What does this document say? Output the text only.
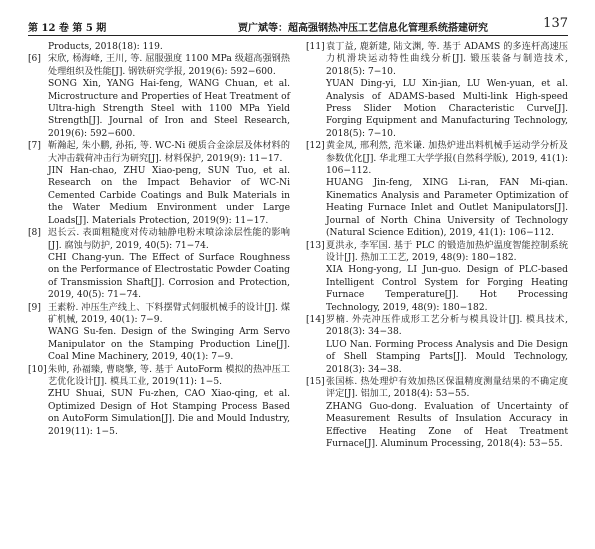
第 12 卷 第 5 期	贾广斌等：超高强钢热冲压工艺信息化管理系统搭建研究	137

Products, 2018(18): 119.

[6] 宋欣, 杨海峰, 王川, 等. 屈服强度 1100 MPa 级超高强钢热处理组织及性能[J]. 钢铁研究学报, 2019(6): 592−600.

SONG Xin, YANG Hai-feng, WANG Chuan, et al. Microstructure and Properties of Heat Treatment of Ultra-high Strength Steel with 1100 MPa Yield Strength[J]. Journal of Iron and Steel Research, 2019(6): 592−600.

[7] 靳瀚起, 朱小鹏, 孙拓, 等. WC-Ni 硬质合金涂层及体材料的大冲击载荷冲击行为研究[J]. 材料保护, 2019(9): 11−17.

JIN Han-chao, ZHU Xiao-peng, SUN Tuo, et al. Research on the Impact Behavior of WC-Ni Cemented Carbide Coatings and Bulk Materials in the Water Medium Environment under Large Loads[J]. Materials Protection, 2019(9): 11−17.

[8] 迟长云. 表面粗糙度对传动轴静电粉末喷涂涂层性能的影响[J]. 腐蚀与防护, 2019, 40(5): 71−74.

CHI Chang-yun. The Effect of Surface Roughness on the Performance of Electrostatic Powder Coating of Transmission Shaft[J]. Corrosion and Protection, 2019, 40(5): 71−74.

[9] 王素粉. 冲压生产线上、下料摆臂式伺服机械手的设计[J]. 煤矿机械, 2019, 40(1): 7−9.

WANG Su-fen. Design of the Swinging Arm Servo Manipulator on the Stamping Production Line[J]. Coal Mine Machinery, 2019, 40(1): 7−9.

[10] 朱帅, 孙福臻, 曹晓擎, 等. 基于 AutoForm 模拟的热冲压工艺优化设计[J]. 模具工业, 2019(11): 1−5.

ZHU Shuai, SUN Fu-zhen, CAO Xiao-qing, et al. Optimized Design of Hot Stamping Process Based on AutoForm Simulation[J]. Die and Mould Industry, 2019(11): 1−5.

[11] 袁丁益, 鹿新建, 陆文渊, 等. 基于 ADAMS 的多连杆高速压力机滑块运动特性曲线分析[J]. 锻压装备与制造技术, 2018(5): 7−10.

YUAN Ding-yi, LU Xin-jian, LU Wen-yuan, et al. Analysis of ADAMS-based Multi-link High-speed Press Slider Motion Characteristic Curve[J]. Forging Equipment and Manufacturing Technology, 2018(5): 7−10.

[12] 黄金凤, 邢利然, 范米谦. 加热炉进出料机械手运动学分析及参数优化[J]. 华北理工大学学报(自然科学版), 2019, 41(1): 106−112.

HUANG Jin-feng, XING Li-ran, FAN Mi-qian. Kinematics Analysis and Parameter Optimization of Heating Furnace Inlet and Outlet Manipulators[J]. Journal of North China University of Technology (Natural Science Edition), 2019, 41(1): 106−112.

[13] 夏洪永, 李军国. 基于 PLC 的锻造加热炉温度智能控制系统设计[J]. 热加工工艺, 2019, 48(9): 180−182.

XIA Hong-yong, LI Jun-guo. Design of PLC-based Intelligent Control System for Forging Heating Furnace Temperature[J]. Hot Processing Technology, 2019, 48(9): 180−182.

[14] 罗楠. 外壳冲压件成形工艺分析与模具设计[J]. 模具技术, 2018(3): 34−38.

LUO Nan. Forming Process Analysis and Die Design of Shell Stamping Parts[J]. Mould Technology, 2018(3): 34−38.

[15] 张国栋. 热处理炉有效加热区保温精度测量结果的不确定度评定[J]. 铝加工, 2018(4): 53−55.

ZHANG Guo-dong. Evaluation of Uncertainty of Measurement Results of Insulation Accuracy in Effective Heating Zone of Heat Treatment Furnace[J]. Aluminum Processing, 2018(4): 53−55.
